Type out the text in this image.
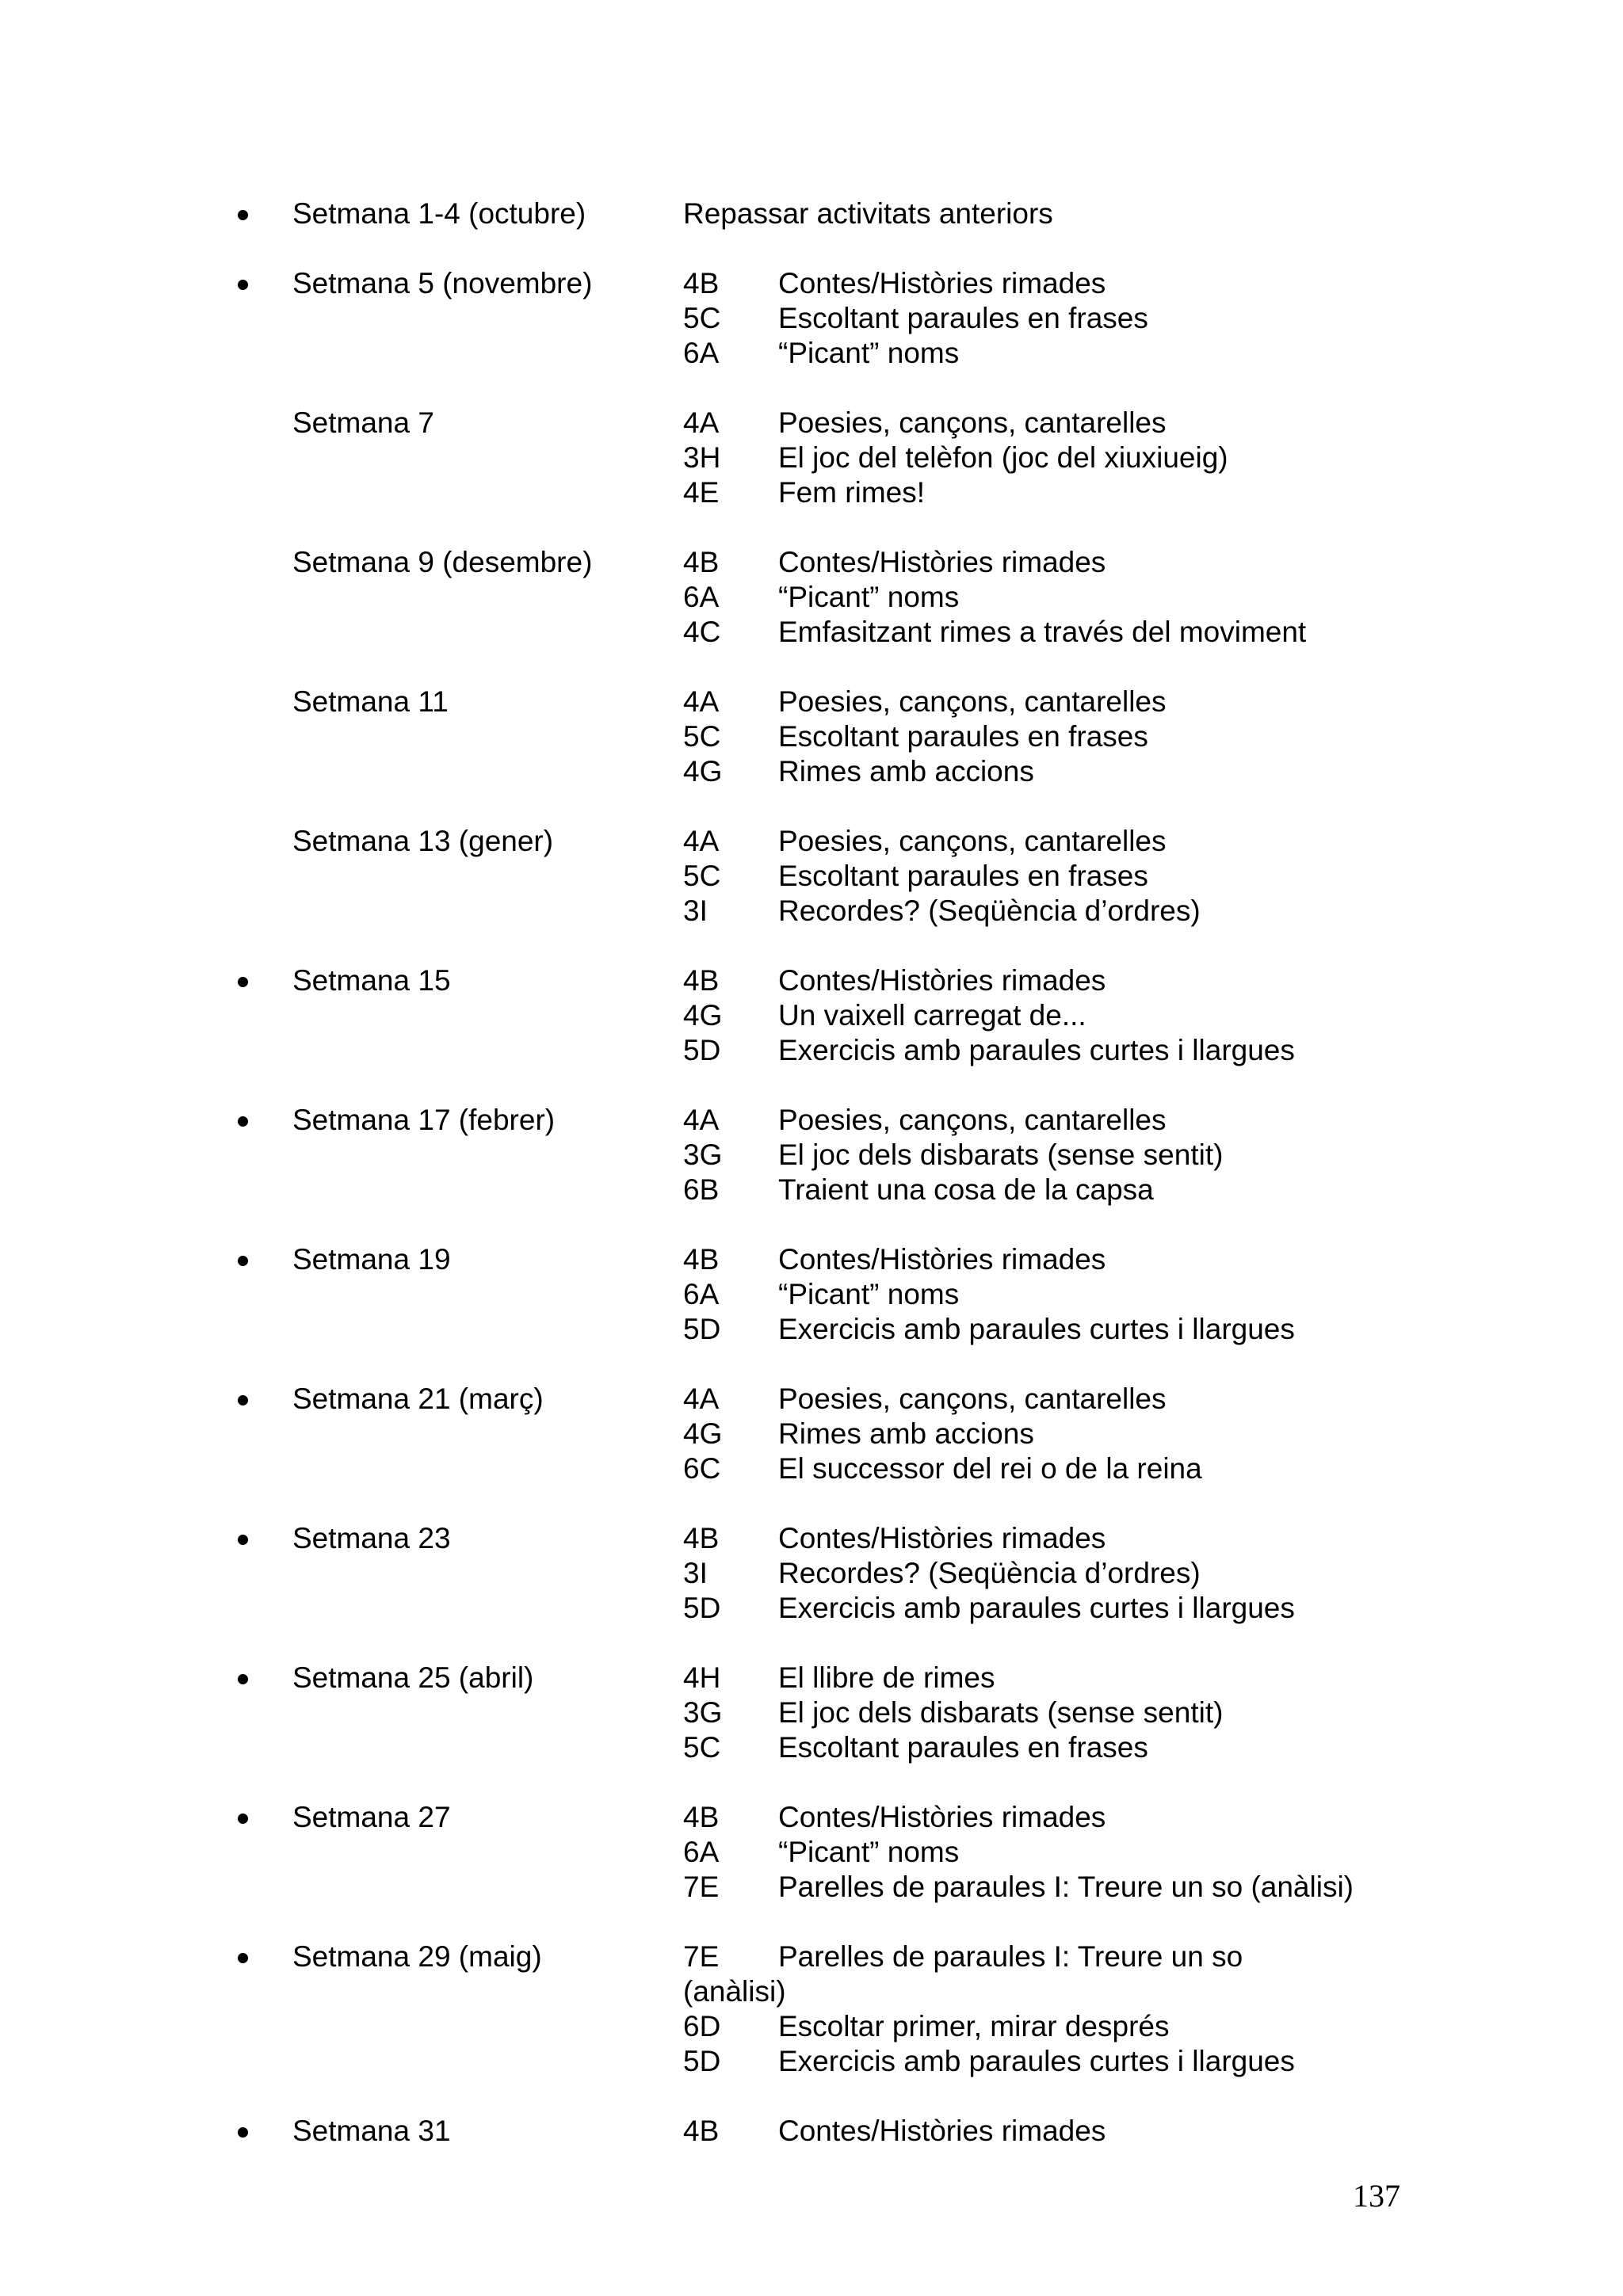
Setmana 1-4 (octubre)	Repassar activitats anteriors
Setmana 5 (novembre)	4B Contes/Històries rimades
5C Escoltant paraules en frases
6A “Picant” noms
Setmana 7	4A Poesies, cançons, cantarelles
3H El joc del telèfon (joc del xiuxiueig)
4E Fem rimes!
Setmana 9 (desembre)	4B Contes/Històries rimades
6A “Picant” noms
4C Emfasitzant rimes a través del moviment
Setmana 11	4A Poesies, cançons, cantarelles
5C Escoltant paraules en frases
4G Rimes amb accions
Setmana 13 (gener)	4A Poesies, cançons, cantarelles
5C Escoltant paraules en frases
3I Recordes? (Seqüència d’ordres)
Setmana 15	4B Contes/Històries rimades
4G Un vaixell carregat de...
5D Exercicis amb paraules curtes i llargues
Setmana 17 (febrer)	4A Poesies, cançons, cantarelles
3G El joc dels disbarats (sense sentit)
6B Traient una cosa de la capsa
Setmana 19	4B Contes/Històries rimades
6A “Picant” noms
5D Exercicis amb paraules curtes i llargues
Setmana 21 (març)	4A Poesies, cançons, cantarelles
4G Rimes amb accions
6C El successor del rei o de la reina
Setmana 23	4B Contes/Històries rimades
3I Recordes? (Seqüència d’ordres)
5D Exercicis amb paraules curtes i llargues
Setmana 25 (abril)	4H El llibre de rimes
3G El joc dels disbarats (sense sentit)
5C Escoltant paraules en frases
Setmana 27	4B Contes/Històries rimades
6A “Picant” noms
7E Parelles de paraules I: Treure un so (anàlisi)
Setmana 29 (maig)	7E Parelles de paraules I: Treure un so
(anàlisi)
6D Escoltar primer, mirar després
5D Exercicis amb paraules curtes i llargues
Setmana 31	4B Contes/Històries rimades
137
